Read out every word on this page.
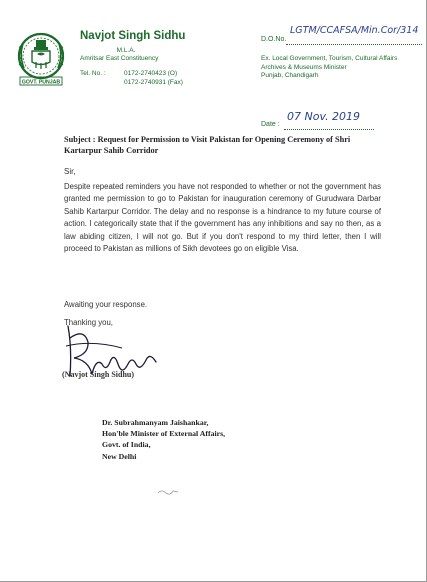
GOVT. PUNJAB
Navjot Singh Sidhu
M.L.A.
Amritsar East Constituency
Tel. No. :	0172-2740423 (O)
0172-2740931 (Fax)
D.O.No.
LGTM/CCAFSA/Min.Cor/314
Ex. Local Government, Tourism, Cultural Affairs
Archives & Museums Minister
Punjab, Chandigarh
Date :
07 Nov. 2019
Subject : Request for Permission to Visit Pakistan for Opening Ceremony of Shri Kartarpur Sahib Corridor
Sir,
Despite repeated reminders you have not responded to whether or not the government has granted me permission to go to Pakistan for inauguration ceremony of Gurudwara Darbar Sahib Kartarpur Corridor. The delay and no response is a hindrance to my future course of action. I categorically state that if the government has any inhibitions and say no then, as a law abiding citizen, I will not go. But if you don't respond to my third letter, then I will proceed to Pakistan as millions of Sikh devotees go on eligible Visa.
Awaiting your response.
Thanking you,
(Navjot Singh Sidhu)
Dr. Subrahmanyam Jaishankar,
Hon'ble Minister of External Affairs,
Govt. of India,
New Delhi
